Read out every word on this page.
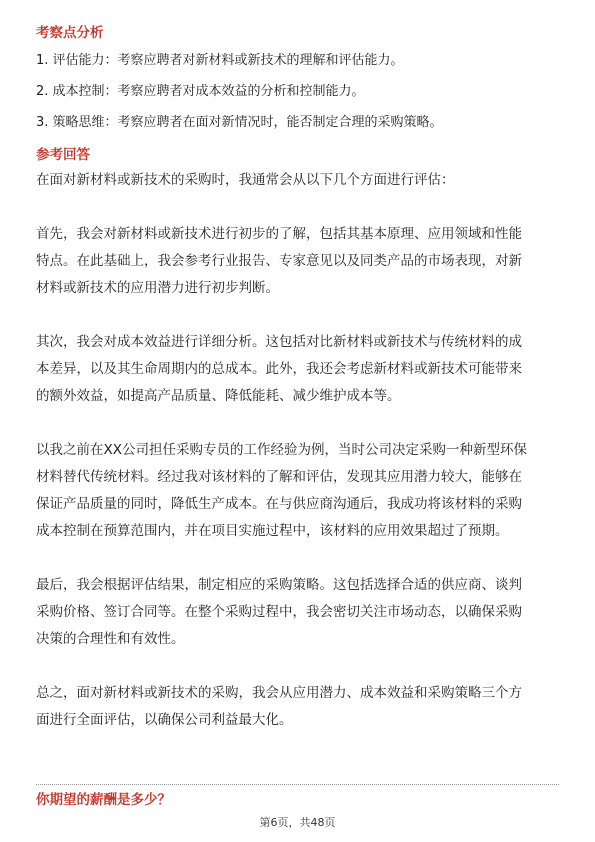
考察点分析
1. 评估能力：考察应聘者对新材料或新技术的理解和评估能力。
2. 成本控制：考察应聘者对成本效益的分析和控制能力。
3. 策略思维：考察应聘者在面对新情况时，能否制定合理的采购策略。
参考回答

在面对新材料或新技术的采购时，我通常会从以下几个方面进行评估：

首先，我会对新材料或新技术进行初步的了解，包括其基本原理、应用领域和性能
特点。在此基础上，我会参考行业报告、专家意见以及同类产品的市场表现，对新
材料或新技术的应用潜力进行初步判断。

其次，我会对成本效益进行详细分析。这包括对比新材料或新技术与传统材料的成
本差异，以及其生命周期内的总成本。此外，我还会考虑新材料或新技术可能带来
的额外效益，如提高产品质量、降低能耗、减少维护成本等。

以我之前在XX公司担任采购专员的工作经验为例，当时公司决定采购一种新型环保
材料替代传统材料。经过我对该材料的了解和评估，发现其应用潜力较大，能够在
保证产品质量的同时，降低生产成本。在与供应商沟通后，我成功将该材料的采购
成本控制在预算范围内，并在项目实施过程中，该材料的应用效果超过了预期。

最后，我会根据评估结果，制定相应的采购策略。这包括选择合适的供应商、谈判
采购价格、签订合同等。在整个采购过程中，我会密切关注市场动态，以确保采购
决策的合理性和有效性。

总之，面对新材料或新技术的采购，我会从应用潜力、成本效益和采购策略三个方
面进行全面评估，以确保公司利益最大化。

你期望的薪酬是多少？
第6页，共48页
